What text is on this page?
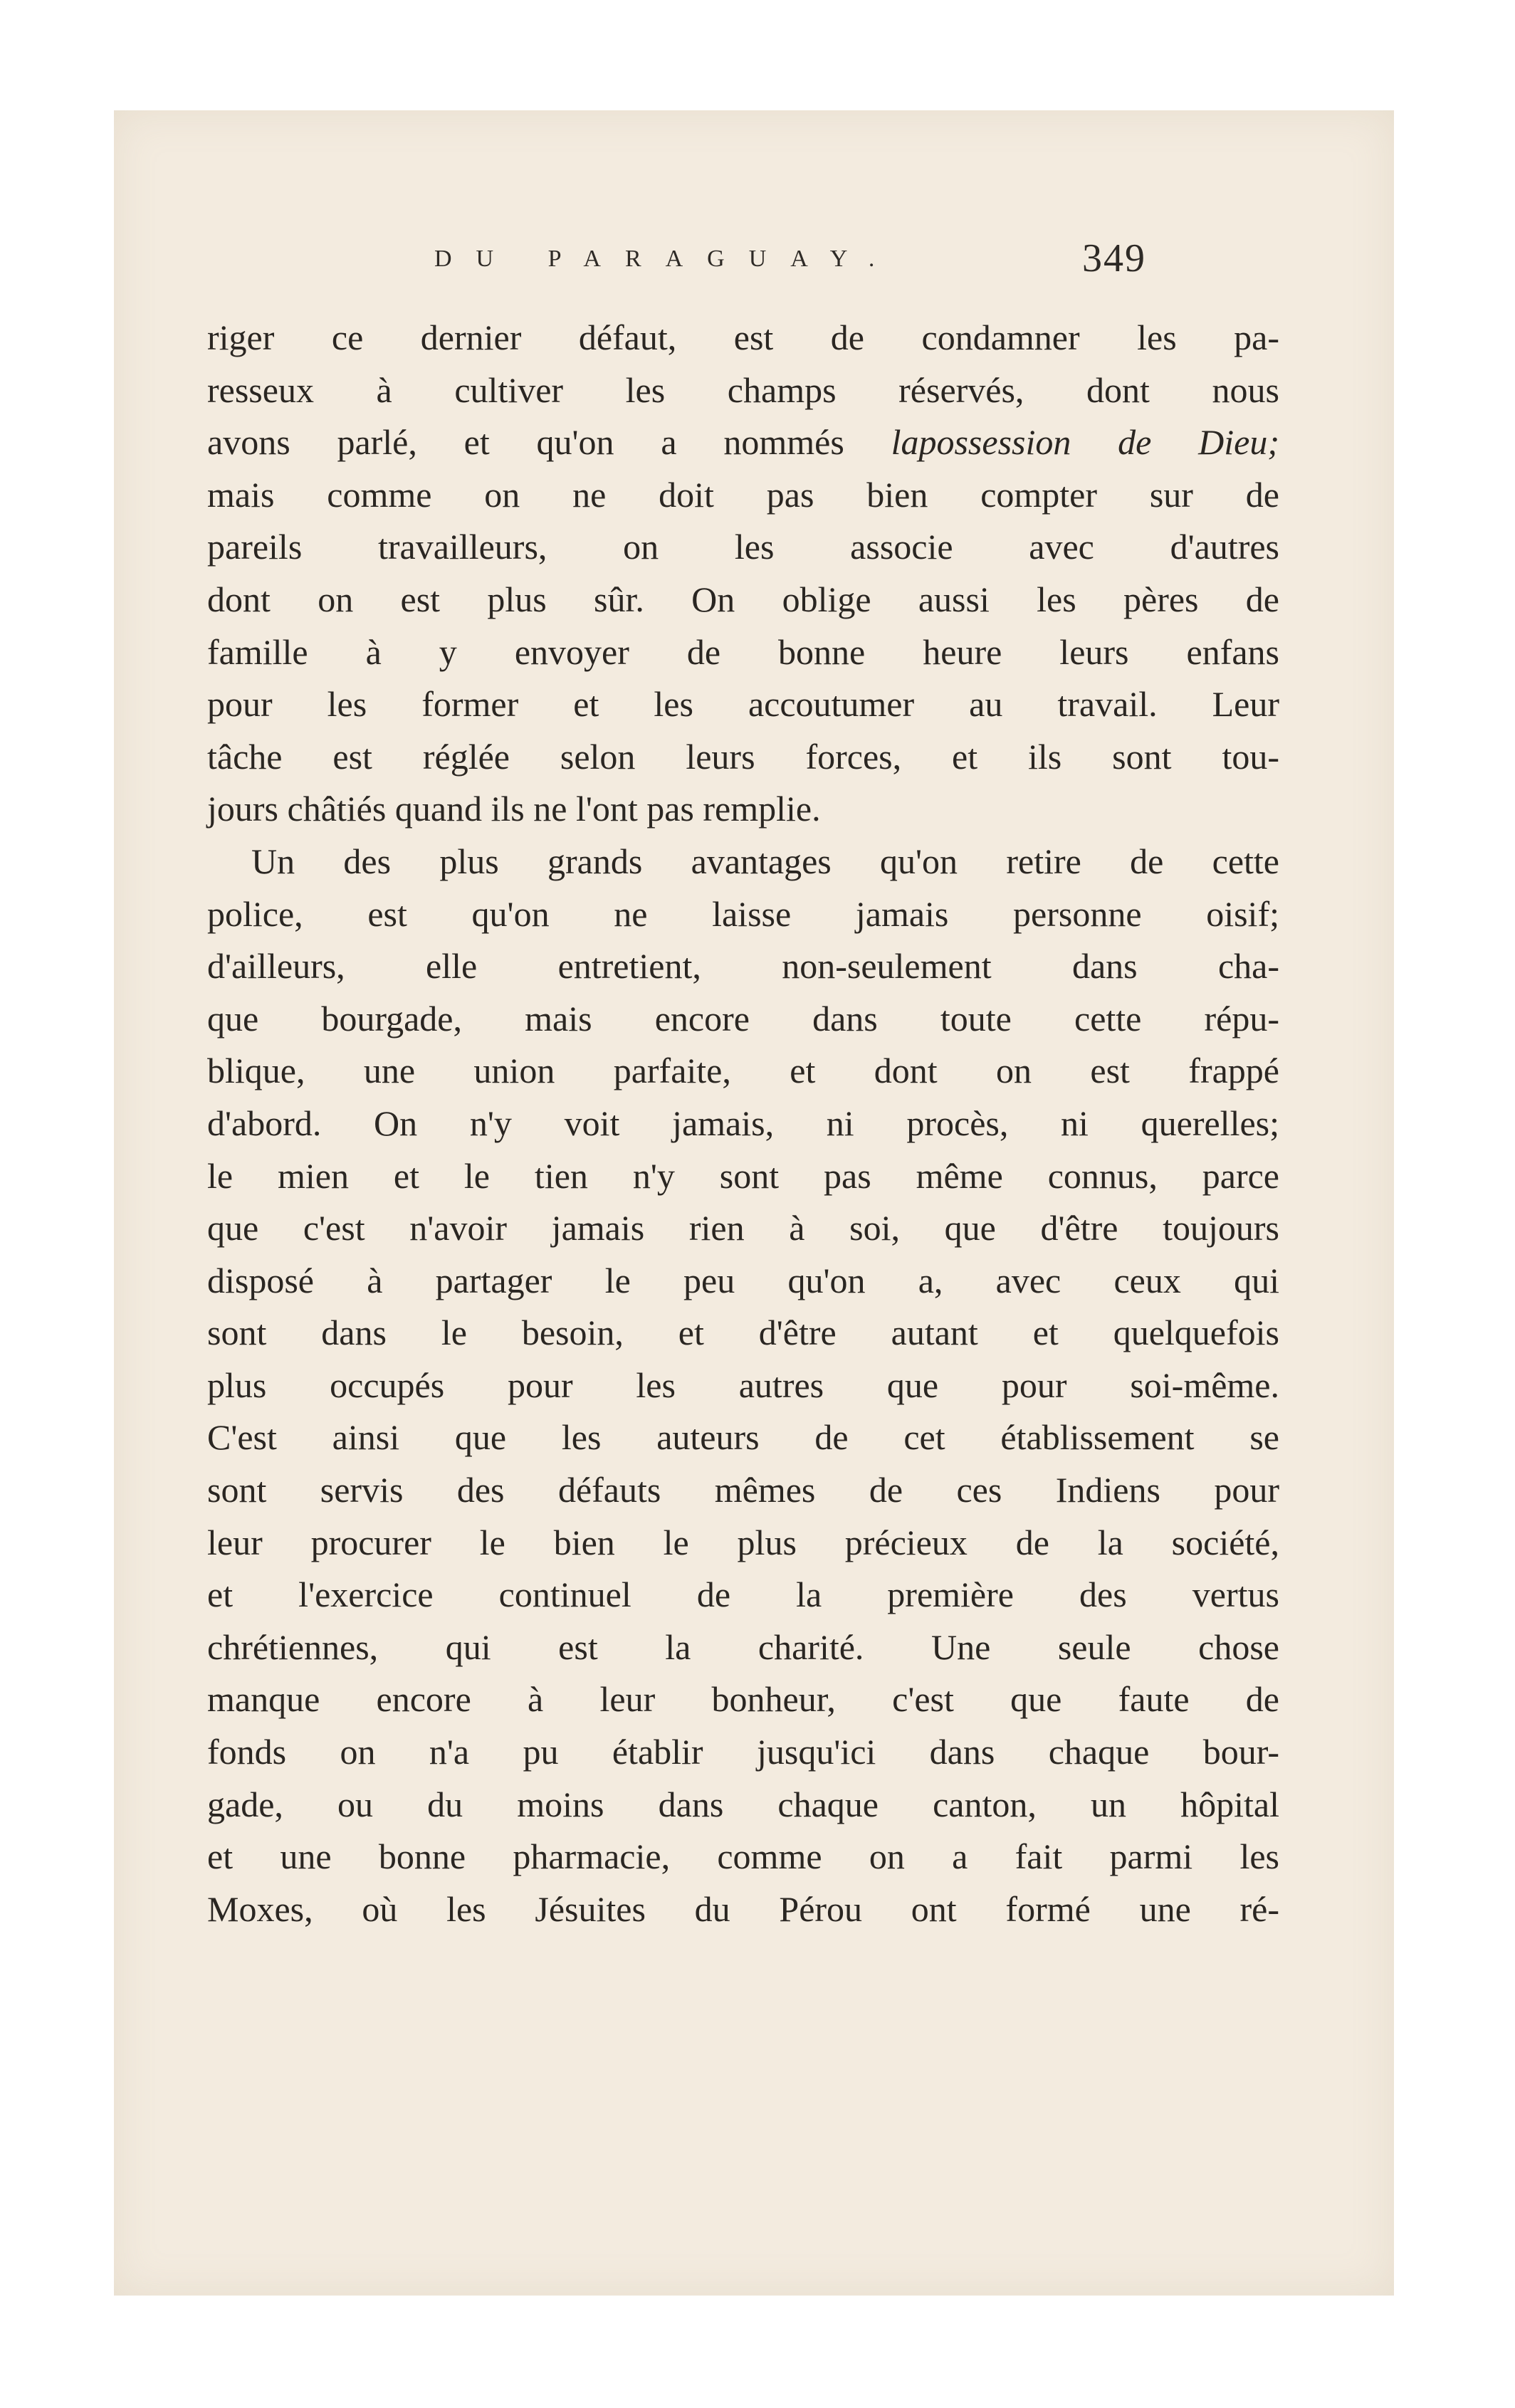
DU PARAGUAY.	349
riger ce dernier défaut, est de condamner les pa-
resseux à cultiver les champs réservés, dont nous
avons parlé, et qu'on a nommés lapossession de Dieu;
mais comme on ne doit pas bien compter sur de
pareils travailleurs, on les associe avec d'autres
dont on est plus sûr. On oblige aussi les pères de
famille à y envoyer de bonne heure leurs enfans
pour les former et les accoutumer au travail. Leur
tâche est réglée selon leurs forces, et ils sont tou-
jours châtiés quand ils ne l'ont pas remplie.
Un des plus grands avantages qu'on retire de cette
police, est qu'on ne laisse jamais personne oisif;
d'ailleurs, elle entretient, non-seulement dans cha-
que bourgade, mais encore dans toute cette répu-
blique, une union parfaite, et dont on est frappé
d'abord. On n'y voit jamais, ni procès, ni querelles;
le mien et le tien n'y sont pas même connus, parce
que c'est n'avoir jamais rien à soi, que d'être toujours
disposé à partager le peu qu'on a, avec ceux qui
sont dans le besoin, et d'être autant et quelquefois
plus occupés pour les autres que pour soi-même.
C'est ainsi que les auteurs de cet établissement se
sont servis des défauts mêmes de ces Indiens pour
leur procurer le bien le plus précieux de la société,
et l'exercice continuel de la première des vertus
chrétiennes, qui est la charité. Une seule chose
manque encore à leur bonheur, c'est que faute de
fonds on n'a pu établir jusqu'ici dans chaque bour-
gade, ou du moins dans chaque canton, un hôpital
et une bonne pharmacie, comme on a fait parmi les
Moxes, où les Jésuites du Pérou ont formé une ré-
